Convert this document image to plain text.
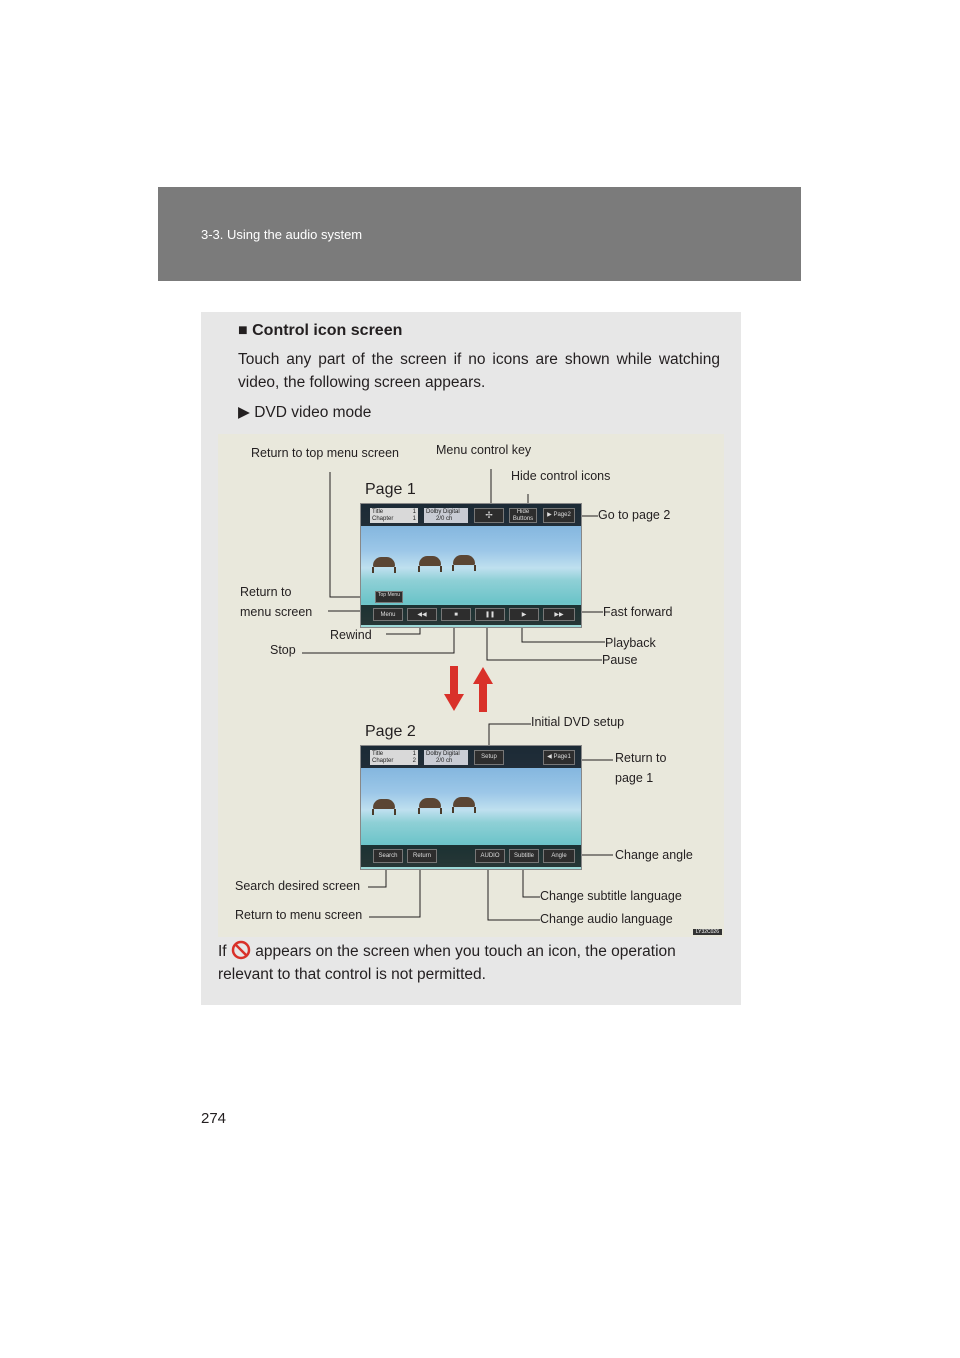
3-3. Using the audio system
■ Control icon screen
Touch any part of the screen if no icons are shown while watching video, the following screen appears.
▶ DVD video mode
Return to top menu screen	Menu control key
Hide control icons
Page 1
Go to page 2
Return to
menu screen	Fast forward
Rewind
Playback
Stop
Pause
Title	1

Chapter	1
Dolby Digital
2/0 ch	✢	Hide Buttons
▶ Page2
Top Menu
Menu	◀◀	■	❚❚	▶	▶▶
Initial DVD setup
Page 2
Return to
page 1
Change angle
Search desired screen
Change subtitle language
Return to menu screen	Change audio language
Title	1

Chapter	2
Dolby Digital
2/0 ch
Setup	◀ Page1
Search	Return	AUDIO	Subtitle	Angle
LY32C026
If appears on the screen when you touch an icon, the operation relevant to that control is not permitted.
274
